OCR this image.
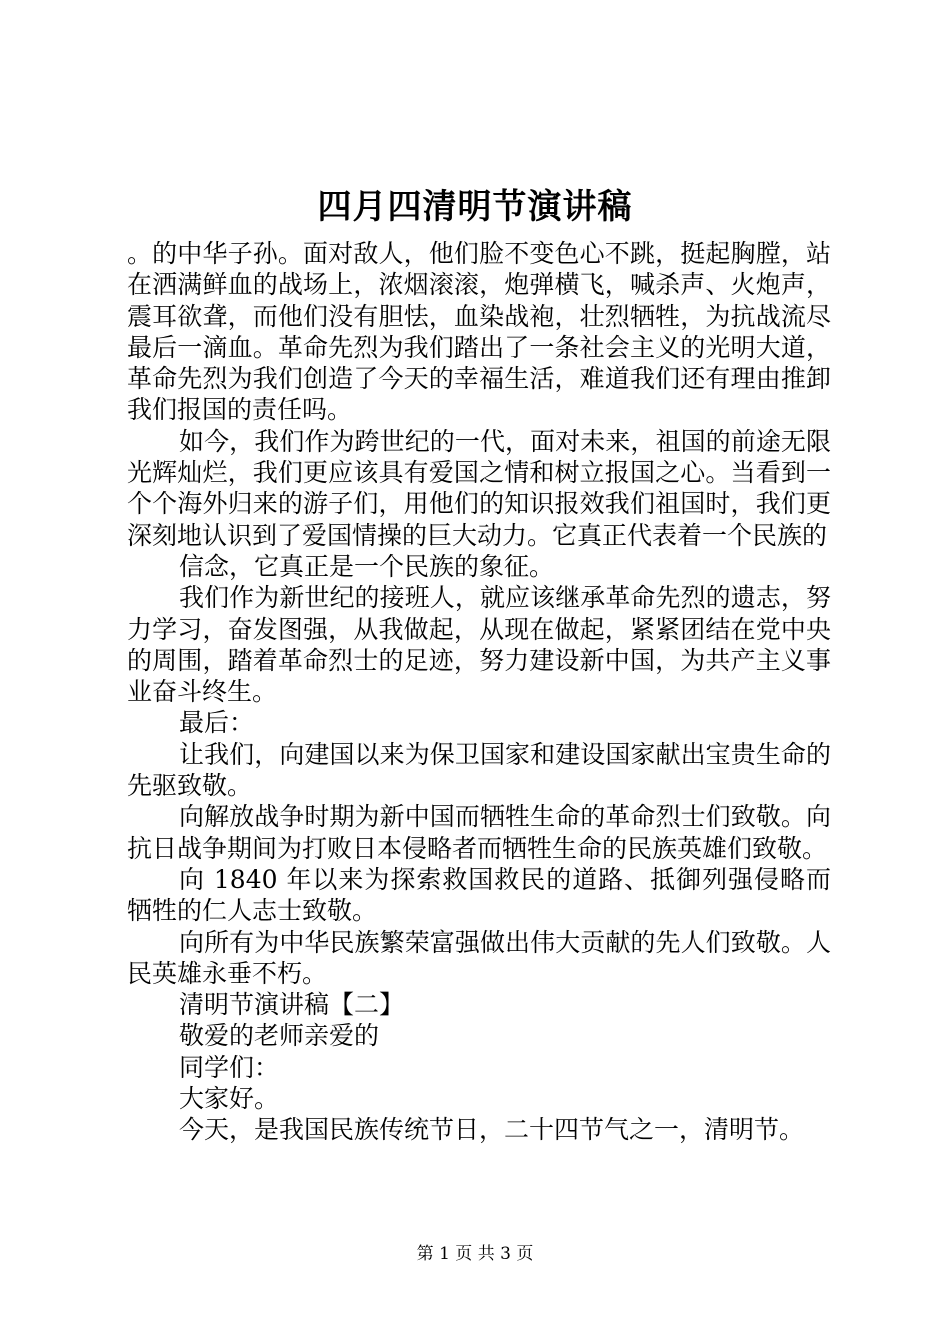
四月四清明节演讲稿

。的中华子孙。面对敌人，他们脸不变色心不跳，挺起胸膛，站在洒满鲜血的战场上，浓烟滚滚，炮弹横飞，喊杀声、火炮声，震耳欲聋，而他们没有胆怯，血染战袍，壮烈牺牲，为抗战流尽最后一滴血。革命先烈为我们踏出了一条社会主义的光明大道，革命先烈为我们创造了今天的幸福生活，难道我们还有理由推卸我们报国的责任吗。

如今，我们作为跨世纪的一代，面对未来，祖国的前途无限光辉灿烂，我们更应该具有爱国之情和树立报国之心。当看到一个个海外归来的游子们，用他们的知识报效我们祖国时，我们更深刻地认识到了爱国情操的巨大动力。它真正代表着一个民族的

信念，它真正是一个民族的象征。

我们作为新世纪的接班人，就应该继承革命先烈的遗志，努力学习，奋发图强，从我做起，从现在做起，紧紧团结在党中央的周围，踏着革命烈士的足迹，努力建设新中国，为共产主义事业奋斗终生。

最后：

让我们，向建国以来为保卫国家和建设国家献出宝贵生命的先驱致敬。

向解放战争时期为新中国而牺牲生命的革命烈士们致敬。向抗日战争期间为打败日本侵略者而牺牲生命的民族英雄们致敬。

向 1840 年以来为探索救国救民的道路、抵御列强侵略而牺牲的仁人志士致敬。

向所有为中华民族繁荣富强做出伟大贡献的先人们致敬。人民英雄永垂不朽。

清明节演讲稿【二】

敬爱的老师亲爱的

同学们：

大家好。

今天，是我国民族传统节日，二十四节气之一，清明节。

第 1 页 共 3 页
